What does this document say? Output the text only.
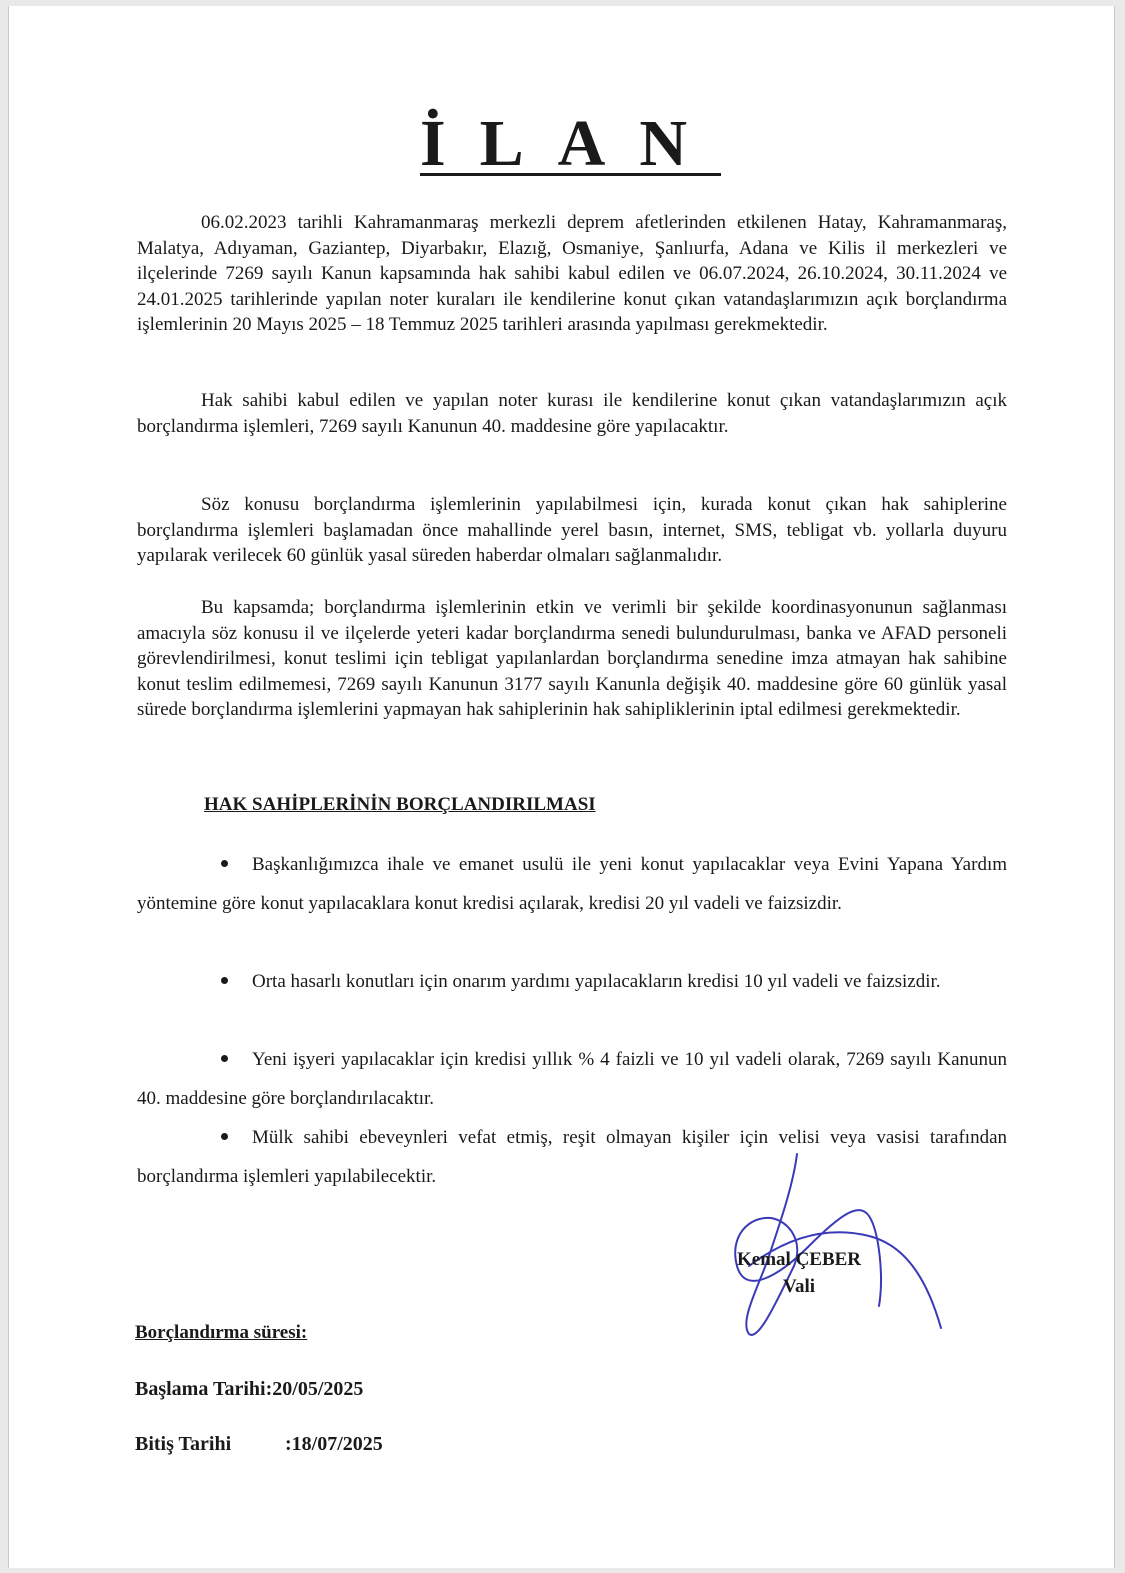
İLAN

06.02.2023 tarihli Kahramanmaraş merkezli deprem afetlerinden etkilenen Hatay, Kahramanmaraş, Malatya, Adıyaman, Gaziantep, Diyarbakır, Elazığ, Osmaniye, Şanlıurfa, Adana ve Kilis il merkezleri ve ilçelerinde 7269 sayılı Kanun kapsamında hak sahibi kabul edilen ve 06.07.2024, 26.10.2024, 30.11.2024 ve 24.01.2025 tarihlerinde yapılan noter kuraları ile kendilerine konut çıkan vatandaşlarımızın açık borçlandırma işlemlerinin 20 Mayıs 2025 – 18 Temmuz 2025 tarihleri arasında yapılması gerekmektedir.

Hak sahibi kabul edilen ve yapılan noter kurası ile kendilerine konut çıkan vatandaşlarımızın açık borçlandırma işlemleri, 7269 sayılı Kanunun 40. maddesine göre yapılacaktır.

Söz konusu borçlandırma işlemlerinin yapılabilmesi için, kurada konut çıkan hak sahiplerine borçlandırma işlemleri başlamadan önce mahallinde yerel basın, internet, SMS, tebligat vb. yollarla duyuru yapılarak verilecek 60 günlük yasal süreden haberdar olmaları sağlanmalıdır.

Bu kapsamda; borçlandırma işlemlerinin etkin ve verimli bir şekilde koordinasyonunun sağlanması amacıyla söz konusu il ve ilçelerde yeteri kadar borçlandırma senedi bulundurulması, banka ve AFAD personeli görevlendirilmesi, konut teslimi için tebligat yapılanlardan borçlandırma senedine imza atmayan hak sahibine konut teslim edilmemesi, 7269 sayılı Kanunun 3177 sayılı Kanunla değişik 40. maddesine göre 60 günlük yasal sürede borçlandırma işlemlerini yapmayan hak sahiplerinin hak sahipliklerinin iptal edilmesi gerekmektedir.

HAK SAHİPLERİNİN BORÇLANDIRILMASI

Başkanlığımızca ihale ve emanet usulü ile yeni konut yapılacaklar veya Evini Yapana Yardım yöntemine göre konut yapılacaklara konut kredisi açılarak, kredisi 20 yıl vadeli ve faizsizdir.

Orta hasarlı konutları için onarım yardımı yapılacakların kredisi 10 yıl vadeli ve faizsizdir.

Yeni işyeri yapılacaklar için kredisi yıllık % 4 faizli ve 10 yıl vadeli olarak, 7269 sayılı Kanunun 40. maddesine göre borçlandırılacaktır.

Mülk sahibi ebeveynleri vefat etmiş, reşit olmayan kişiler için velisi veya vasisi tarafından borçlandırma işlemleri yapılabilecektir.

Kemal ÇEBER

Vali

Borçlandırma süresi:

Başlama Tarihi:20/05/2025

Bitiş Tarihi	:18/07/2025
